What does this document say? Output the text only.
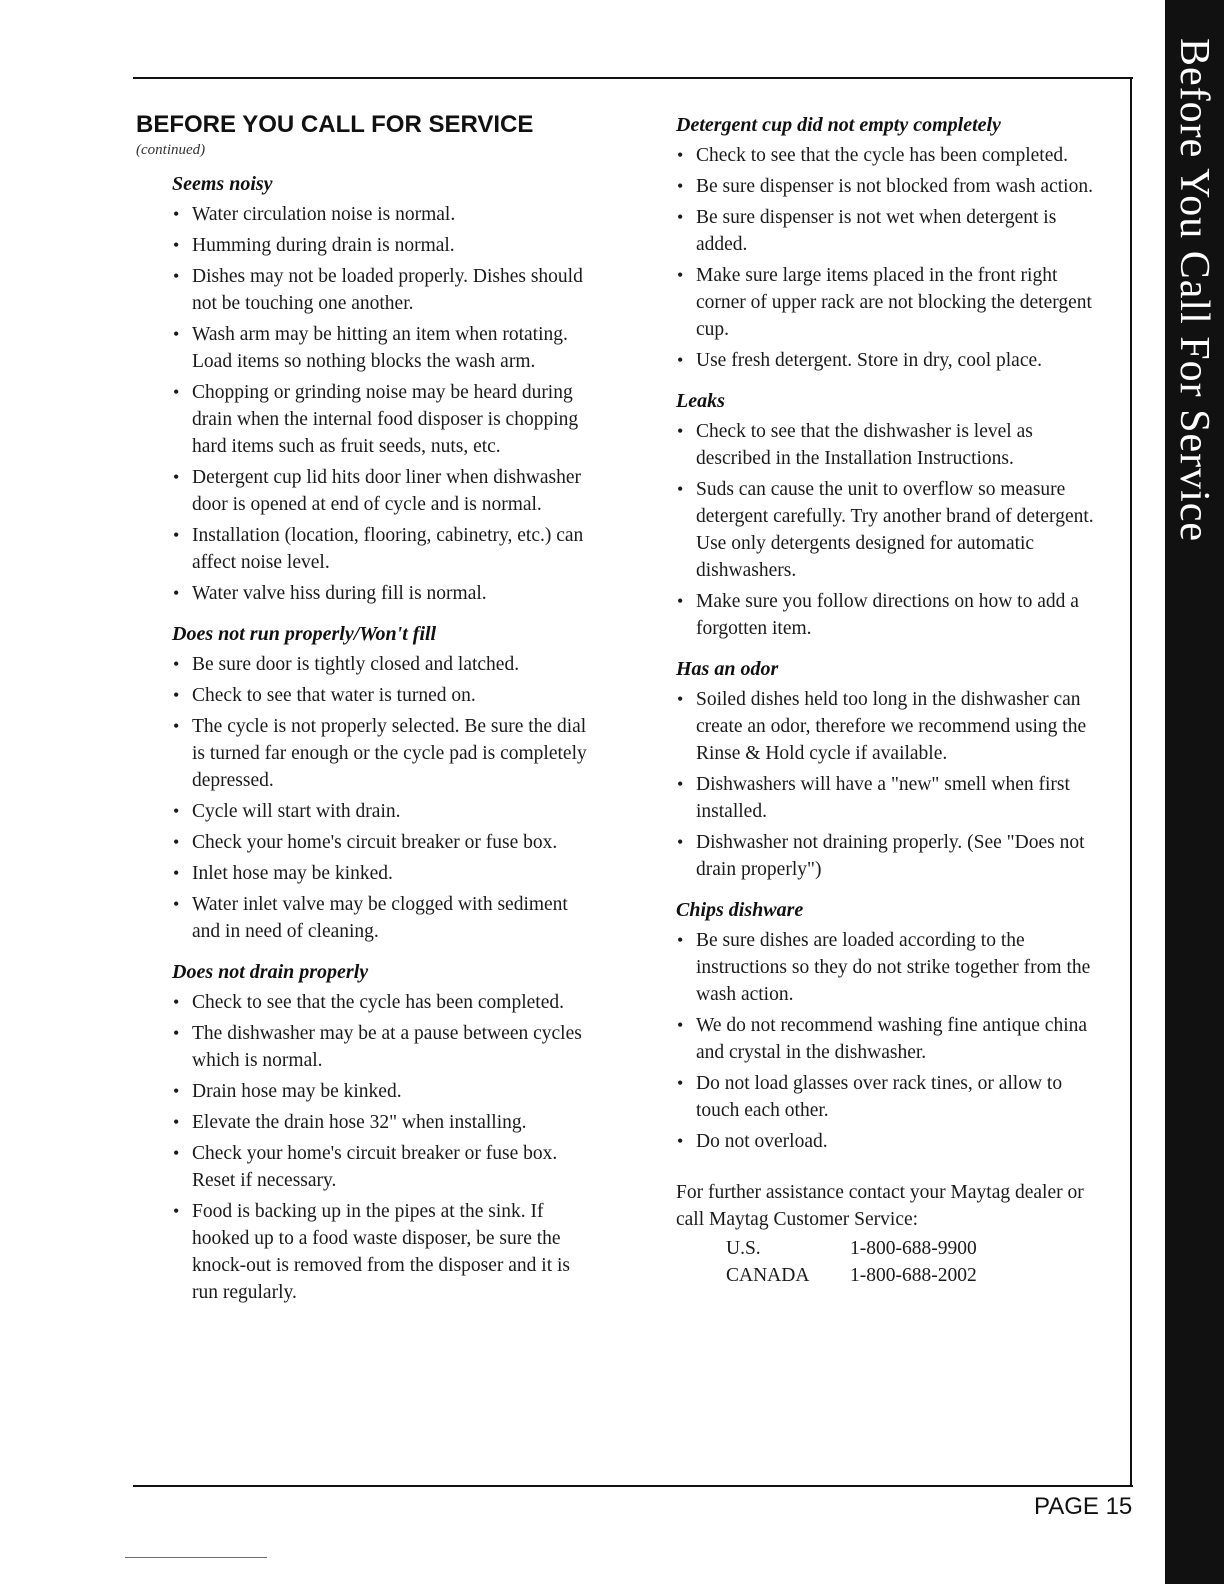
Before You Call For Service
BEFORE YOU CALL FOR SERVICE
(continued)
Seems noisy
• Water circulation noise is normal.
• Humming during drain is normal.
• Dishes may not be loaded properly. Dishes should not be touching one another.
• Wash arm may be hitting an item when rotating. Load items so nothing blocks the wash arm.
• Chopping or grinding noise may be heard during drain when the internal food disposer is chopping hard items such as fruit seeds, nuts, etc.
• Detergent cup lid hits door liner when dishwasher door is opened at end of cycle and is normal.
• Installation (location, flooring, cabinetry, etc.) can affect noise level.
• Water valve hiss during fill is normal.
Does not run properly/Won't fill
• Be sure door is tightly closed and latched.
• Check to see that water is turned on.
• The cycle is not properly selected. Be sure the dial is turned far enough or the cycle pad is completely depressed.
• Cycle will start with drain.
• Check your home's circuit breaker or fuse box.
• Inlet hose may be kinked.
• Water inlet valve may be clogged with sediment and in need of cleaning.
Does not drain properly
• Check to see that the cycle has been completed.
• The dishwasher may be at a pause between cycles which is normal.
• Drain hose may be kinked.
• Elevate the drain hose 32" when installing.
• Check your home's circuit breaker or fuse box. Reset if necessary.
• Food is backing up in the pipes at the sink. If hooked up to a food waste disposer, be sure the knock-out is removed from the disposer and it is run regularly.
Detergent cup did not empty completely
• Check to see that the cycle has been completed.
• Be sure dispenser is not blocked from wash action.
• Be sure dispenser is not wet when detergent is added.
• Make sure large items placed in the front right corner of upper rack are not blocking the detergent cup.
• Use fresh detergent. Store in dry, cool place.
Leaks
• Check to see that the dishwasher is level as described in the Installation Instructions.
• Suds can cause the unit to overflow so measure detergent carefully. Try another brand of detergent. Use only detergents designed for automatic dishwashers.
• Make sure you follow directions on how to add a forgotten item.
Has an odor
• Soiled dishes held too long in the dishwasher can create an odor, therefore we recommend using the Rinse & Hold cycle if available.
• Dishwashers will have a "new" smell when first installed.
• Dishwasher not draining properly. (See "Does not drain properly")
Chips dishware
• Be sure dishes are loaded according to the instructions so they do not strike together from the wash action.
• We do not recommend washing fine antique china and crystal in the dishwasher.
• Do not load glasses over rack tines, or allow to touch each other.
• Do not overload.
For further assistance contact your Maytag dealer or call Maytag Customer Service:
U.S.	1-800-688-9900
CANADA	1-800-688-2002
PAGE 15
